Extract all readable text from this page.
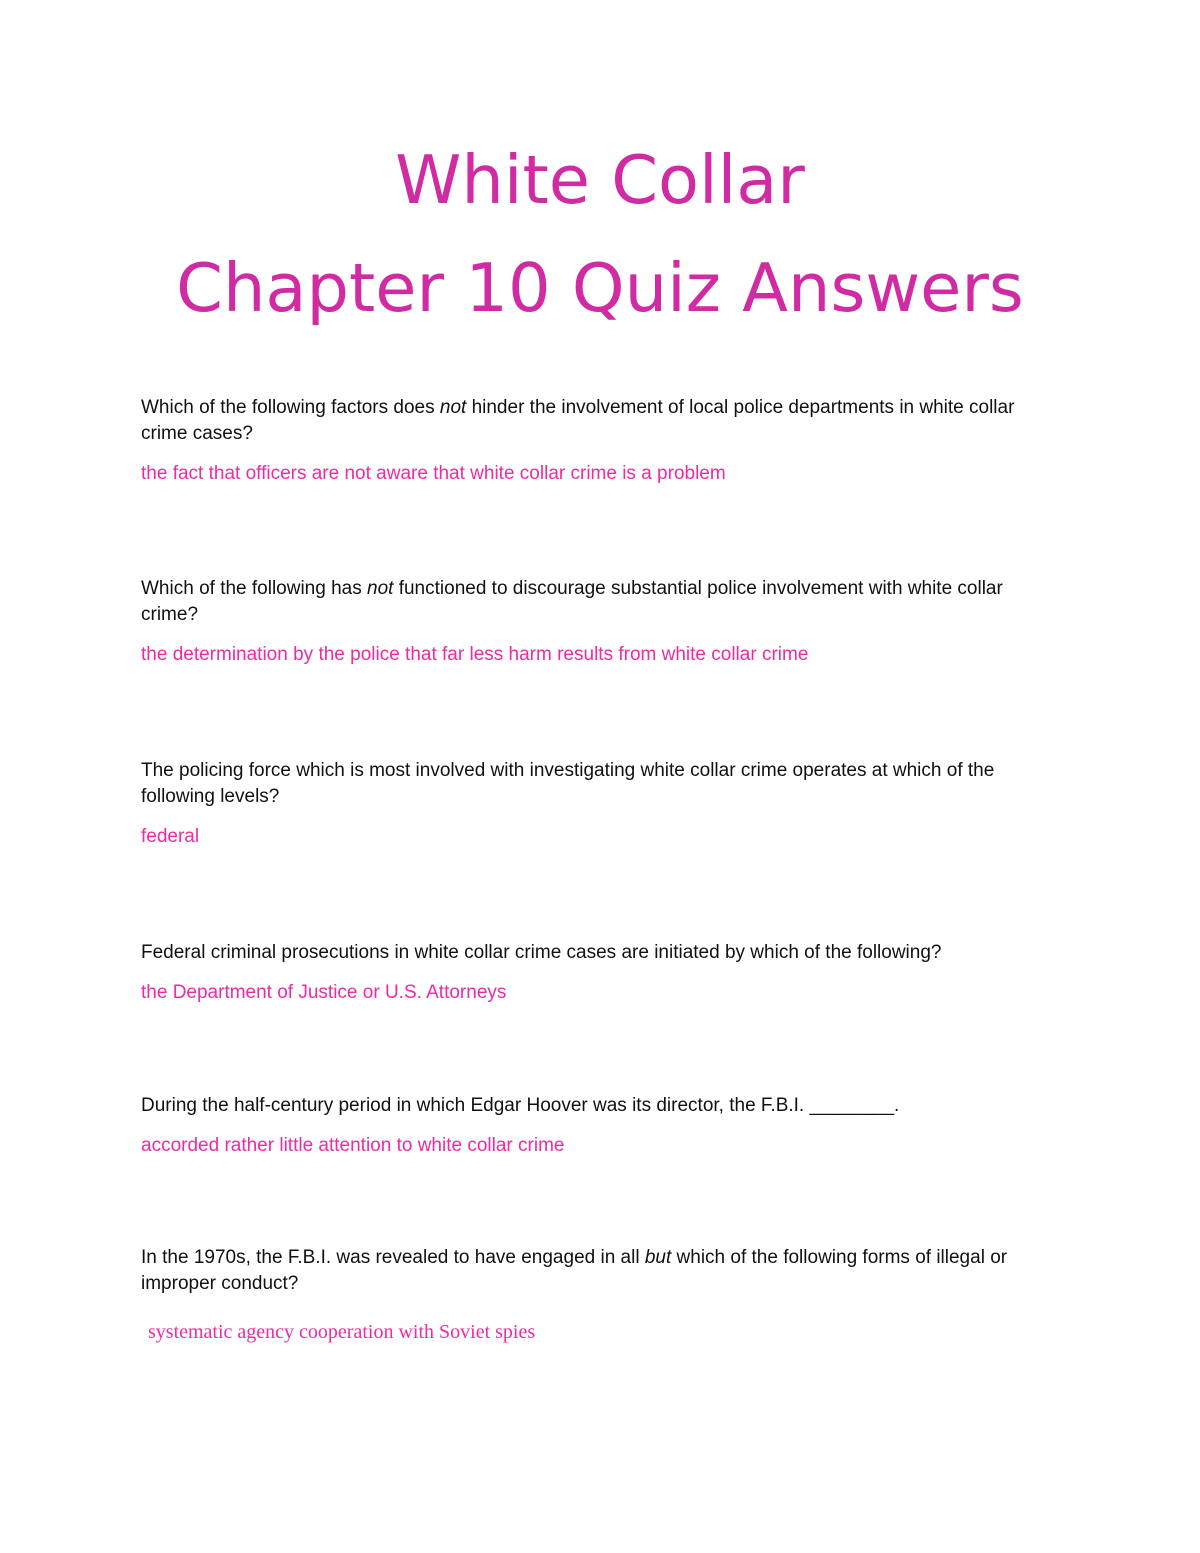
White Collar
Chapter 10 Quiz Answers

Which of the following factors does not hinder the involvement of local police departments in white collar crime cases?

the fact that officers are not aware that white collar crime is a problem

Which of the following has not functioned to discourage substantial police involvement with white collar crime?

the determination by the police that far less harm results from white collar crime

The policing force which is most involved with investigating white collar crime operates at which of the following levels?

federal

Federal criminal prosecutions in white collar crime cases are initiated by which of the following?

the Department of Justice or U.S. Attorneys

During the half-century period in which Edgar Hoover was its director, the F.B.I. ________.

accorded rather little attention to white collar crime

In the 1970s, the F.B.I. was revealed to have engaged in all but which of the following forms of illegal or improper conduct?

systematic agency cooperation with Soviet spies
